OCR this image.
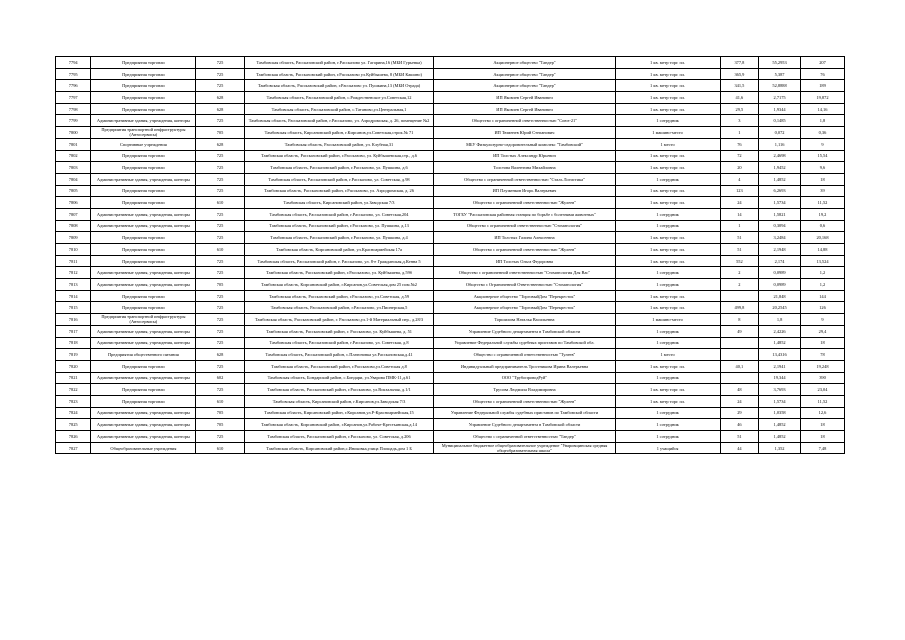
7794	Предприятия торговли	725	Тамбовская область, Рассказовский район, г.Рассказово ул. Гагарина,16 (МБИ Гурьевка)	Акционерное общество "Тандер"	1 кв. метр торг. пл.	377,8	55,2953	207
7795	Предприятия торговли	725	Тамбовская область, Рассказовский район, г.Рассказово ул.Куйбышева, 8 (МБИ Кашино)	Акционерное общество "Тандер"	1 кв. метр торг. пл.	365,9	5,387	76
7796	Предприятия торговли	725	Тамбовская область, Рассказовский район, г.Рассказово ул. Пушкина,13 (МБИ Отрада)	Акционерное общество "Тандер"	1 кв. метр торг. пл.	341,5	52,8888	189
7797	Предприятия торговли	628	Тамбовская область, Рассказовский район, с.Рождественское ул.Советская,12	ИП Яковлев Сергей Иванович	1 кв. метр торг. пл.	41,6	2,7175	19,872
7798	Предприятия торговли	628	Тамбовская область, Рассказовский район, с.Татаново,ул.Центральная,1	ИП Яковлев Сергей Иванович	1 кв. метр торг. пл.	29,5	1,9344	14,16
7799	Административные здания, учреждения, конторы	725	Тамбовская область, Рассказовский район, г.Рассказово, ул. Аэродромская, д. 26, помещение №2	Общество с ограниченной ответственностью "Союз-21"	1 сотрудник	3	0,1485	1,8
7800	Предприятия транспортной инфраструктуры (Автосервисы)	705	Тамбовская область, Кирсановский район, г.Кирсанов,ул.Советская,строк.№ 71	ИП Тюменев Юрий Степанович	1 машино-место	1	0,072	0,36
7801	Спортивные учреждения	628	Тамбовская область, Рассказовский район, ул. Клубная,31	МБУ Физкультурно-оздоровительный комплекс "Тамбовский"	1 место	76	1,116	9
7802	Предприятия торговли	725	Тамбовская область, Рассказовский район, г.Рассказово, ул. Куйбышевская,стр., д.6	ИП Толстых Александр Юрьевич	1 кв. метр торг. пл.	72	2,4698	15,54
7803	Предприятия торговли	725	Тамбовская область, Рассказовский район, г.Рассказово, ул. Пушкина, д.6	Толстова Валентина Михайловна	1 кв. метр торг. пл.	20	1,9452	9,6
7804	Административные здания, учреждения, конторы	725	Тамбовская область, Рассказовский район, г.Рассказово, ул. Советская, д.98	Общество с ограниченной ответственностью "Сталь Логистика"	1 сотрудник	4	1,4852	18
7805	Предприятия торговли	725	Тамбовская область, Рассказовский район, г.Рассказово, ул. Аэродромская, д. 26	ИП Плуженков Игорь Валерьевич	1 кв. метр торг. пл.	123	6,2693	39
7806	Предприятия торговли	610	Тамбовская область, Кирсановский район, ул.Заводская 7/3	Общество с ограниченной ответственностью "Жулеев"	1 кв. метр торг. пл.	24	1,5734	11,52
7807	Административные здания, учреждения, конторы	725	Тамбовская область, Рассказовский район, г.Рассказово, ул. Советская,204	ТОГБУ "Рассказовская районная станция по борьбе с болезнями животных"	1 сотрудник	14	1,5821	19,2
7808	Административные здания, учреждения, конторы	725	Тамбовская область, Рассказовский район, г.Рассказово, ул. Пушкина, д.13	Общество с ограниченной ответственностью "Стоматология"	1 сотрудник	1	0,3094	0,6
7809	Предприятия торговли	725	Тамбовская область, Рассказовский район, г.Рассказово, ул. Пушкина, д.4	ИП Толстых Галина Алексеевна	1 кв. метр торг. пл.	51	3,2484	20,168
7810	Предприятия торговли	610	Тамбовская область, Кирсановский район, ул.Красноармейская 17а	Общество с ограниченной ответственностью "Жулеев"	1 кв. метр торг. пл.	51	2,1948	14,88
7811	Предприятия торговли	725	Тамбовская область, Рассказовский район, г. Рассказово, ул. 8-е Гражданская,д.Кенна 5	ИП Толстых Ольга Федоровна	1 кв. метр торг. пл.	552	2,174	13,524
7812	Административные здания, учреждения, конторы	725	Тамбовская область, Рассказовский район, г.Рассказово, ул. Куйбышева, д.59б	Общество с ограниченной ответственностью "Стоматология Для Вас"	1 сотрудник	2	0,0989	1,2
7813	Административные здания, учреждения, конторы	705	Тамбовская область, Кирсановский район, г.Кирсанов,ул.Советская,дом 25 пом.№2	Общество с Ограниченной Ответственностью "Стоматология"	1 сотрудник	2	0,0989	1,2
7814	Предприятия торговли	725	Тамбовская область, Рассказовский район, г.Рассказово, ул.Советская, д.59	Акционерное общество "ТорговыйДом "Перекресток"	1 кв. метр торг. пл.		21,848	144
7815	Предприятия торговли	725	Тамбовская область, Рассказовский район, г.Рассказово, ул.Пионерская,5	Акционерное общество "ТорговыйДом "Перекресток"	1 кв. метр торг. пл.	499,8	20,2545	126
7816	Предприятия транспортной инфраструктуры (Автосервисы)	725	Тамбовская область, Рассказовский район, г. Рассказово,ул.1-й Материальный пер., д.28/3	Торшилова Наталья Васильевна	1 машино-место	8	1,8	9
7817	Административные здания, учреждения, конторы	725	Тамбовская область, Рассказовский район, г. Рассказово, ул. Куйбышева, д. 51	Управление Судебного департамента в Тамбовской области	1 сотрудник	49	2,4226	29,4
7818	Административные здания, учреждения, конторы	725	Тамбовская область, Рассказовский район, г.Рассказово, ул. Советская, д.8	Управление Федеральной службы судебных приставов по Тамбовской обл.	1 сотрудник		1,4852	18
7819	Предприятия общественного питания	628	Тамбовская область, Рассказовский район, с.Платоновка ул.Рассказовская,д.41	Общество с ограниченной ответственностью "Тулеев"	1 место		13,4316	78
7820	Предприятия торговли	725	Тамбовская область, Рассказовский район, г.Рассказово,ул.Советская д.8	Индивидуальный предприниматель Тростникова Ирина Валерьевна	1 кв. метр торг. пл.	40,1	2,1941	19,248
7821	Административные здания, учреждения, конторы	602	Тамбовская область, Бондарский район, с.Бондари, ул.Уварова ПМК-11,д.61	ООО "ТрубопроводРуй"	1 сотрудник		19,344	390
7822	Предприятия торговли	725	Тамбовская область, Рассказовский район, г.Рассказово, ул.Вокзальная, д.1/1	Трусова Людмила Владимировна	1 кв. метр торг. пл.	48	3,7693	23,04
7823	Предприятия торговли	610	Тамбовская область, Кирсановский район, г.Кирсанов,ул.Заводская 7/3	Общество с ограниченной ответственностью "Жулеев"	1 кв. метр торг. пл.	24	1,5734	11,52
7824	Административные здания, учреждения, конторы	705	Тамбовская область, Кирсановский район, г.Кирсанов,ул.Р-Красноармейская,15	Управление Федеральной службы судебных приставов по Тамбовской области	1 сотрудник	29	1,0358	12,6
7825	Административные здания, учреждения, конторы	705	Тамбовская область, Кирсановский район, г.Кирсанов,ул.Рабоче-Крестьянская,д.14	Управление Судебного департамента в Тамбовской области	1 сотрудник	46	1,4852	18
7826	Административные здания, учреждения, конторы	725	Тамбовская область, Рассказовский район, г.Рассказово, ул. Советская, д.206	Общество с ограниченной ответственностью "Тандер"	1 сотрудник	51	1,4852	18
7827	Общеобразовательные учреждения	610	Тамбовская область, Кирсановский район,с.Иноковка,улица Площадь,дом 1 Б	Муниципальное бюджетное общеобразовательное учреждение "Уваровщинская средняя общеобразовательная школа"	1 учащийся	44	1,352	7,48
